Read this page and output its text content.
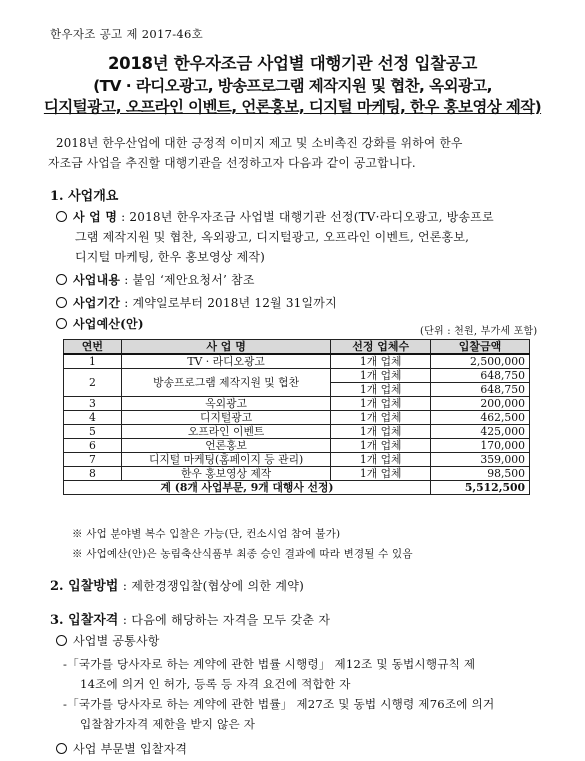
한우자조 공고 제 2017-46호
2018년 한우자조금 사업별 대행기관 선정 입찰공고
(TV · 라디오광고, 방송프로그램 제작지원 및 협찬, 옥외광고,
디지털광고, 오프라인 이벤트, 언론홍보, 디지털 마케팅, 한우 홍보영상 제작)
2018년 한우산업에 대한 긍정적 이미지 제고 및 소비촉진 강화를 위하여 한우
자조금 사업을 추진할 대행기관을 선정하고자 다음과 같이 공고합니다.
1. 사업개요
사 업 명 : 2018년 한우자조금 사업별 대행기관 선정(TV·라디오광고, 방송프로
그램 제작지원 및 협찬, 옥외광고, 디지털광고, 오프라인 이벤트, 언론홍보,
디지털 마케팅, 한우 홍보영상 제작)
사업내용 : 붙임 ‘제안요청서’ 참조
사업기간 : 계약일로부터 2018년 12월 31일까지
사업예산(안)
(단위 : 천원, 부가세 포함)
연번	사 업 명	선정 업체수	입찰금액
1	TV · 라디오광고	1개 업체	2,500,000
2	방송프로그램 제작지원 및 협찬	1개 업체	648,750
		1개 업체	648,750
3	옥외광고	1개 업체	200,000
4	디지털광고	1개 업체	462,500
5	오프라인 이벤트	1개 업체	425,000
6	언론홍보	1개 업체	170,000
7	디지털 마케팅(홈페이지 등 관리)	1개 업체	359,000
8	한우 홍보영상 제작	1개 업체	98,500
계 (8개 사업부문, 9개 대행사 선정)			5,512,500
※ 사업 분야별 복수 입찰은 가능(단, 컨소시엄 참여 불가)
※ 사업예산(안)은 농림축산식품부 최종 승인 결과에 따라 변경될 수 있음
2. 입찰방법 : 제한경쟁입찰(협상에 의한 계약)
3. 입찰자격 : 다음에 해당하는 자격을 모두 갖춘 자
사업별 공통사항
-「국가를 당사자로 하는 계약에 관한 법률 시행령」 제12조 및 동법시행규칙 제
14조에 의거 인 허가, 등록 등 자격 요건에 적합한 자
-「국가를 당사자로 하는 계약에 관한 법률」 제27조 및 동법 시행령 제76조에 의거
입찰참가자격 제한을 받지 않은 자
사업 부문별 입찰자격
